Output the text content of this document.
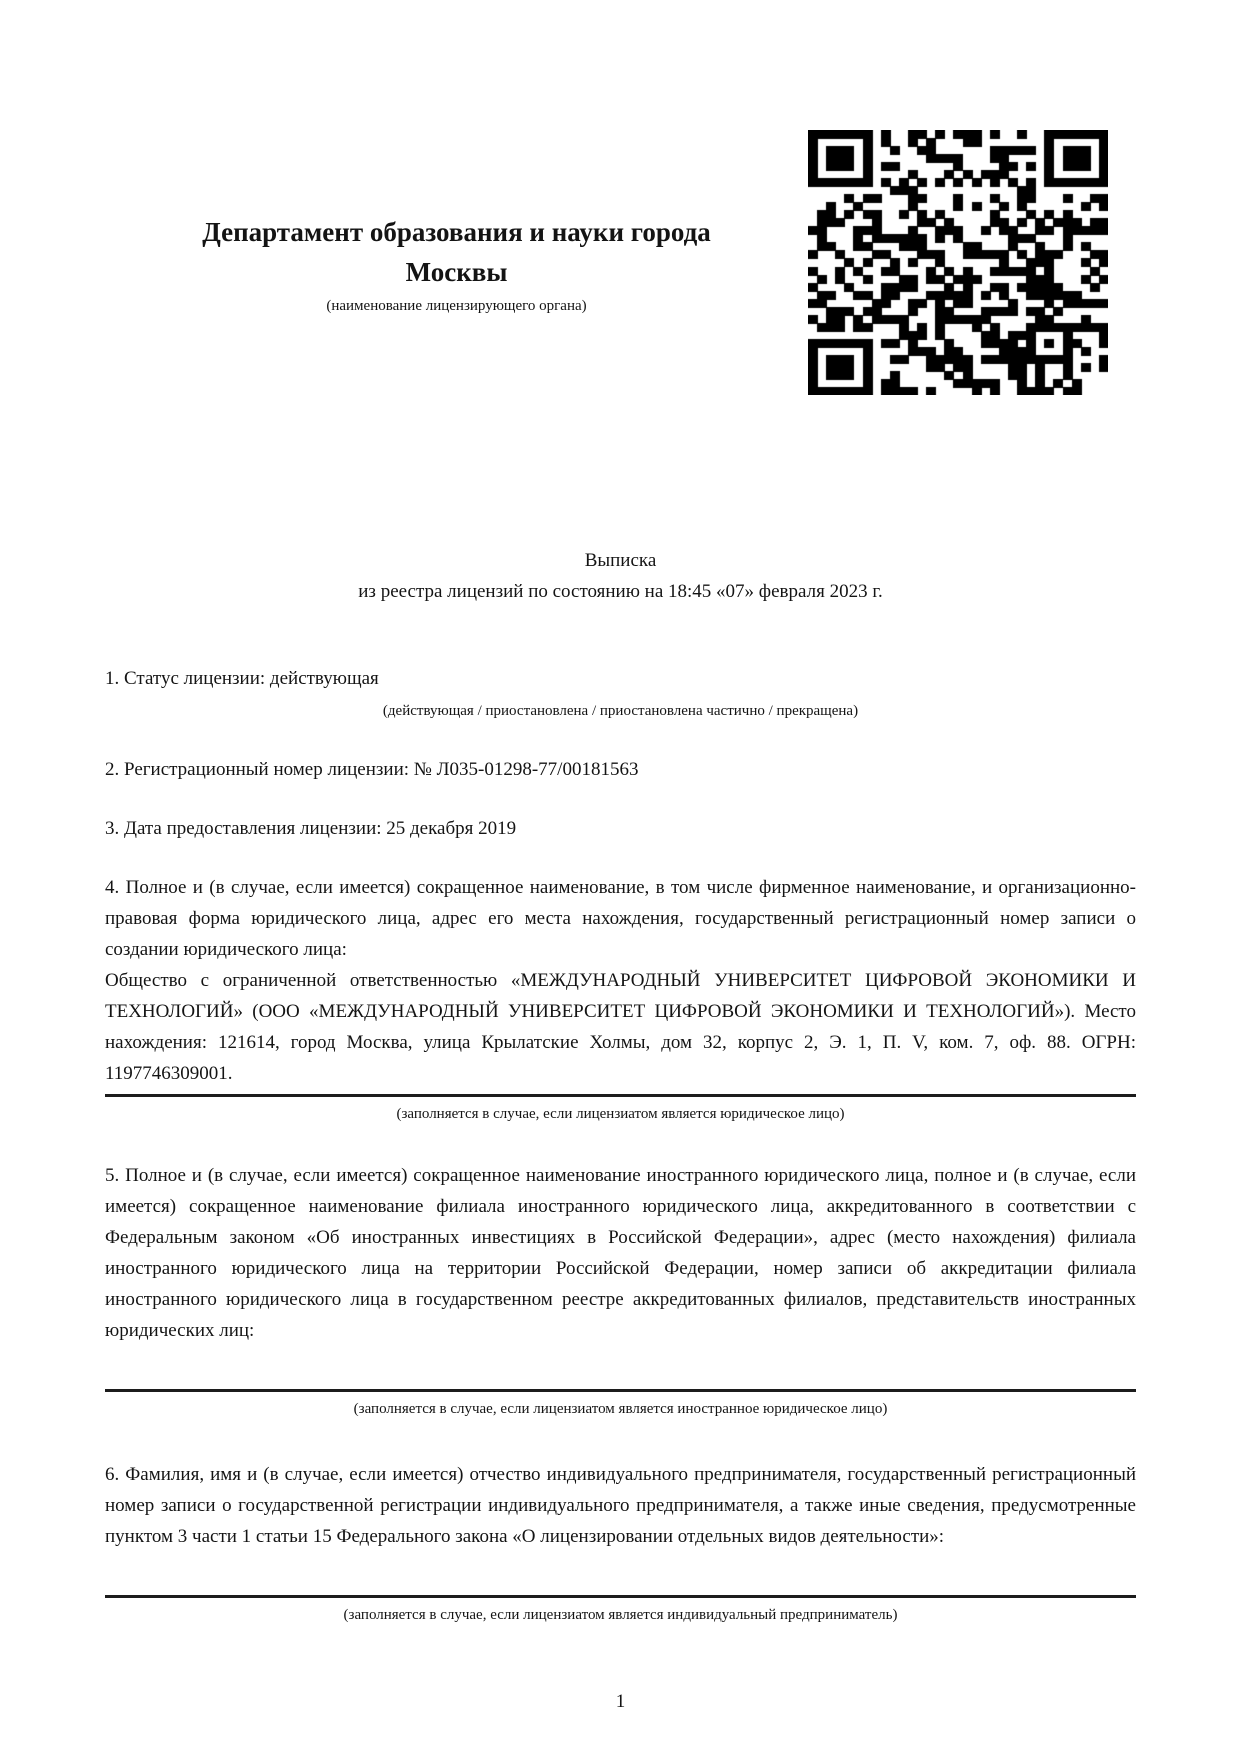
Департамент образования и науки города Москвы
(наименование лицензирующего органа)
Выписка
из реестра лицензий по состоянию на 18:45 «07» февраля 2023 г.
1. Статус лицензии: действующая
(действующая / приостановлена / приостановлена частично / прекращена)
2. Регистрационный номер лицензии: № Л035-01298-77/00181563
3. Дата предоставления лицензии: 25 декабря 2019

4. Полное и (в случае, если имеется) сокращенное наименование, в том числе фирменное наименование, и организационно-правовая форма юридического лица, адрес его места нахождения, государственный регистрационный номер записи о создании юридического лица:

Общество с ограниченной ответственностью «МЕЖДУНАРОДНЫЙ УНИВЕРСИТЕТ ЦИФРОВОЙ ЭКОНОМИКИ И ТЕХНОЛОГИЙ» (ООО «МЕЖДУНАРОДНЫЙ УНИВЕРСИТЕТ ЦИФРОВОЙ ЭКОНОМИКИ И ТЕХНОЛОГИЙ»). Место нахождения: 121614, город Москва, улица Крылатские Холмы, дом 32, корпус 2, Э. 1, П. V, ком. 7, оф. 88. ОГРН: 1197746309001.

(заполняется в случае, если лицензиатом является юридическое лицо)

5. Полное и (в случае, если имеется) сокращенное наименование иностранного юридического лица, полное и (в случае, если имеется) сокращенное наименование филиала иностранного юридического лица, аккредитованного в соответствии с Федеральным законом «Об иностранных инвестициях в Российской Федерации», адрес (место нахождения) филиала иностранного юридического лица на территории Российской Федерации, номер записи об аккредитации филиала иностранного юридического лица в государственном реестре аккредитованных филиалов, представительств иностранных юридических лиц:

(заполняется в случае, если лицензиатом является иностранное юридическое лицо)

6. Фамилия, имя и (в случае, если имеется) отчество индивидуального предпринимателя, государственный регистрационный номер записи о государственной регистрации индивидуального предпринимателя, а также иные сведения, предусмотренные пунктом 3 части 1 статьи 15 Федерального закона «О лицензировании отдельных видов деятельности»:

(заполняется в случае, если лицензиатом является индивидуальный предприниматель)
1
